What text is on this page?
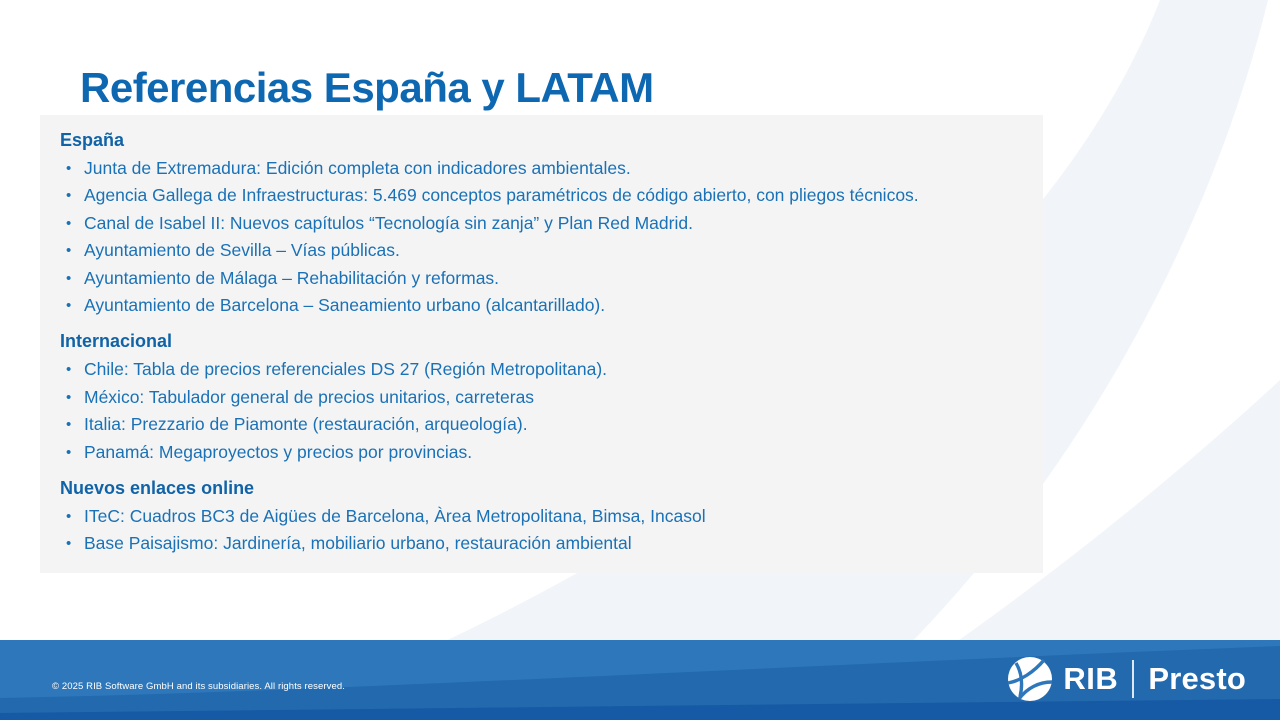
Referencias España y LATAM
España
• Junta de Extremadura: Edición completa con indicadores ambientales.
• Agencia Gallega de Infraestructuras: 5.469 conceptos paramétricos de código abierto, con pliegos técnicos.
• Canal de Isabel II: Nuevos capítulos “Tecnología sin zanja” y Plan Red Madrid.
• Ayuntamiento de Sevilla – Vías públicas.
• Ayuntamiento de Málaga – Rehabilitación y reformas.
• Ayuntamiento de Barcelona – Saneamiento urbano (alcantarillado).
Internacional
• Chile: Tabla de precios referenciales DS 27 (Región Metropolitana).
• México: Tabulador general de precios unitarios, carreteras
• Italia: Prezzario de Piamonte (restauración, arqueología).
• Panamá: Megaproyectos y precios por provincias.
Nuevos enlaces online
• ITeC: Cuadros BC3 de Aigües de Barcelona, Àrea Metropolitana, Bimsa, Incasol
• Base Paisajismo: Jardinería, mobiliario urbano, restauración ambiental
© 2025 RIB Software GmbH and its subsidiaries. All rights reserved.	RIB Presto
